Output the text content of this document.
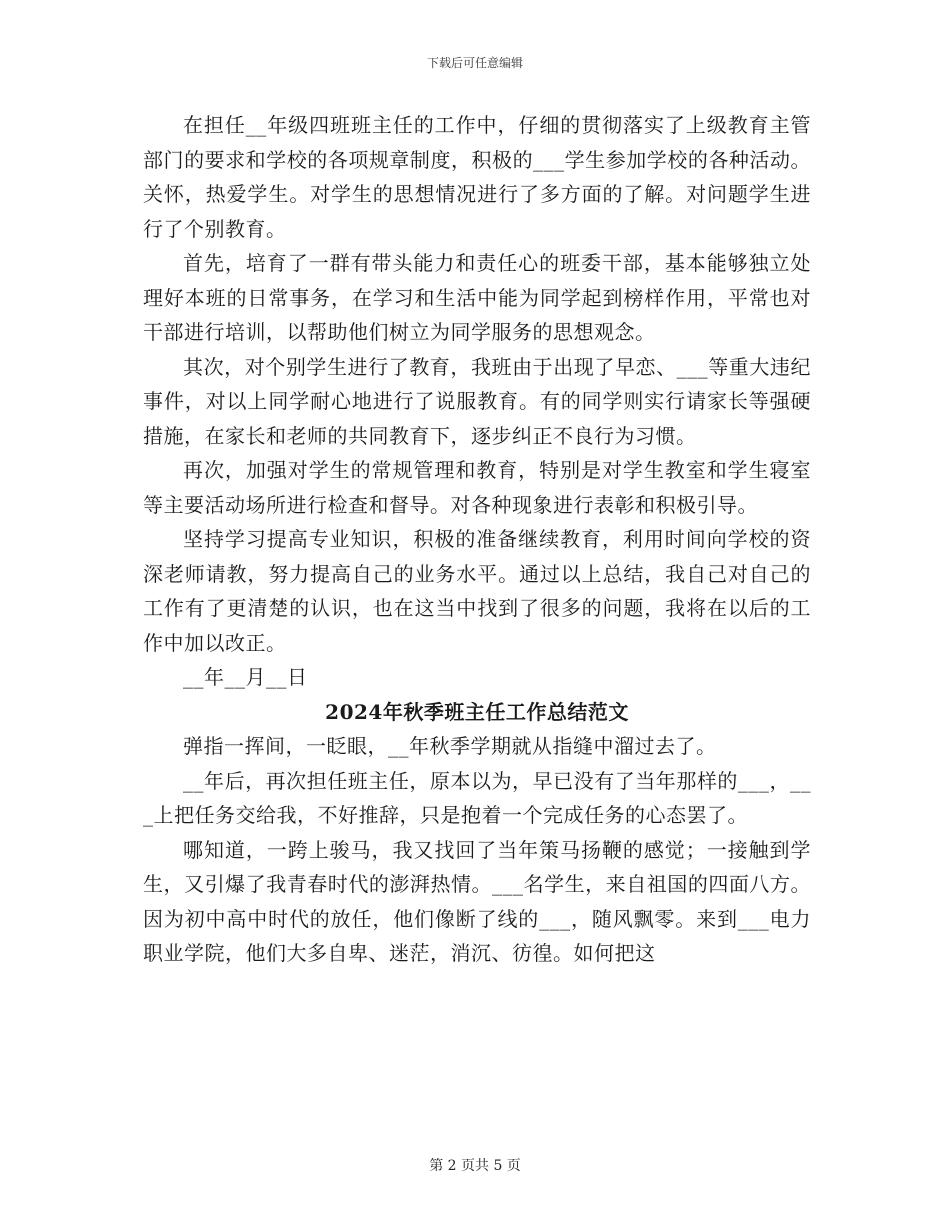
下载后可任意编辑

在担任__年级四班班主任的工作中，仔细的贯彻落实了上级教育主管部门的要求和学校的各项规章制度，积极的___学生参加学校的各种活动。关怀，热爱学生。对学生的思想情况进行了多方面的了解。对问题学生进行了个别教育。

首先，培育了一群有带头能力和责任心的班委干部，基本能够独立处理好本班的日常事务，在学习和生活中能为同学起到榜样作用，平常也对干部进行培训，以帮助他们树立为同学服务的思想观念。

其次，对个别学生进行了教育，我班由于出现了早恋、___等重大违纪事件，对以上同学耐心地进行了说服教育。有的同学则实行请家长等强硬措施，在家长和老师的共同教育下，逐步纠正不良行为习惯。

再次，加强对学生的常规管理和教育，特别是对学生教室和学生寝室等主要活动场所进行检查和督导。对各种现象进行表彰和积极引导。

坚持学习提高专业知识，积极的准备继续教育，利用时间向学校的资深老师请教，努力提高自己的业务水平。通过以上总结，我自己对自己的工作有了更清楚的认识，也在这当中找到了很多的问题，我将在以后的工作中加以改正。

__年__月__日

2024年秋季班主任工作总结范文

弹指一挥间，一眨眼，__年秋季学期就从指缝中溜过去了。

__年后，再次担任班主任，原本以为，早已没有了当年那样的___，___上把任务交给我，不好推辞，只是抱着一个完成任务的心态罢了。

哪知道，一跨上骏马，我又找回了当年策马扬鞭的感觉；一接触到学生，又引爆了我青春时代的澎湃热情。___名学生，来自祖国的四面八方。因为初中高中时代的放任，他们像断了线的___，随风飘零。来到___电力职业学院，他们大多自卑、迷茫，消沉、彷徨。如何把这

第 2 页共 5 页
